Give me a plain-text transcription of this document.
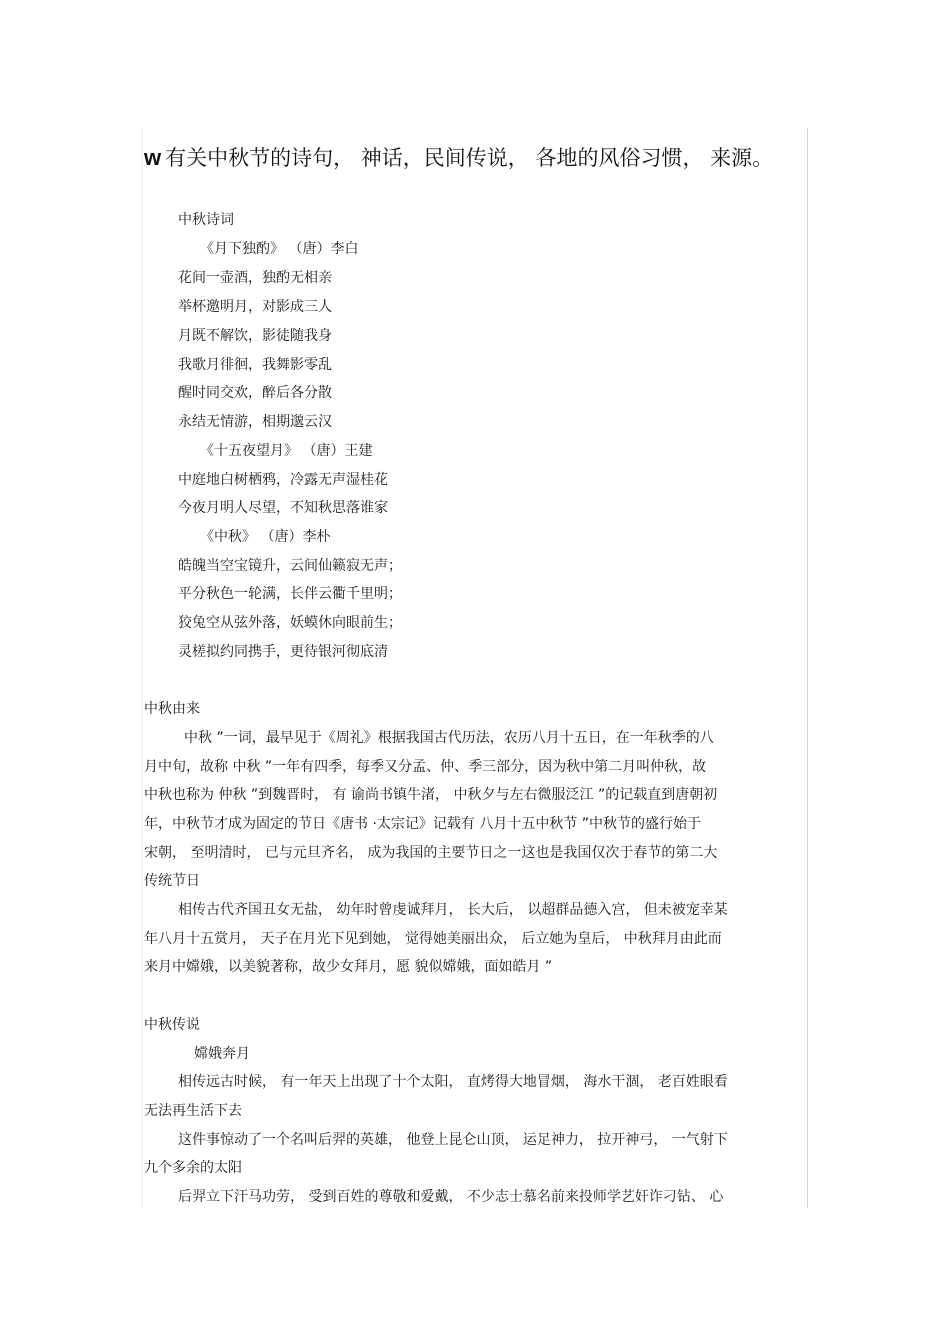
w 有关中秋节的诗句， 神话，民间传说， 各地的风俗习惯， 来源。
中秋诗词
《月下独酌》 （唐）李白
花间一壶酒，独酌无相亲
举杯邀明月，对影成三人
月既不解饮，影徒随我身
我歌月徘徊，我舞影零乱
醒时同交欢，醉后各分散
永结无情游，相期邈云汉
《十五夜望月》 （唐）王建
中庭地白树栖鸦，冷露无声湿桂花
今夜月明人尽望，不知秋思落谁家
《中秋》 （唐）李朴
皓魄当空宝镜升，云间仙籁寂无声；
平分秋色一轮满，长伴云衢千里明；
狡兔空从弦外落，妖蟆休向眼前生；
灵槎拟约同携手，更待银河彻底清
中秋由来
中秋 ”一词，最早见于《周礼》根据我国古代历法，农历八月十五日，在一年秋季的八
月中旬，故称 中秋 ”一年有四季，每季又分孟、仲、季三部分，因为秋中第二月叫仲秋，故
中秋也称为 仲秋 ”到魏晋时， 有 谕尚书镇牛渚， 中秋夕与左右微服泛江 ”的记载直到唐朝初
年，中秋节才成为固定的节日《唐书 ·太宗记》记载有 八月十五中秋节 ”中秋节的盛行始于
宋朝， 至明清时， 已与元旦齐名， 成为我国的主要节日之一这也是我国仅次于春节的第二大
传统节日
相传古代齐国丑女无盐， 幼年时曾虔诚拜月， 长大后， 以超群品德入宫， 但未被宠幸某
年八月十五赏月， 天子在月光下见到她， 觉得她美丽出众， 后立她为皇后， 中秋拜月由此而
来月中嫦娥，以美貌著称，故少女拜月，愿 貌似嫦娥，面如皓月 ”
中秋传说
嫦娥奔月
相传远古时候， 有一年天上出现了十个太阳， 直烤得大地冒烟， 海水干涸， 老百姓眼看
无法再生活下去
这件事惊动了一个名叫后羿的英雄， 他登上昆仑山顶， 运足神力， 拉开神弓， 一气射下
九个多余的太阳
后羿立下汗马功劳， 受到百姓的尊敬和爱戴， 不少志士慕名前来投师学艺奸诈刁钻、 心
